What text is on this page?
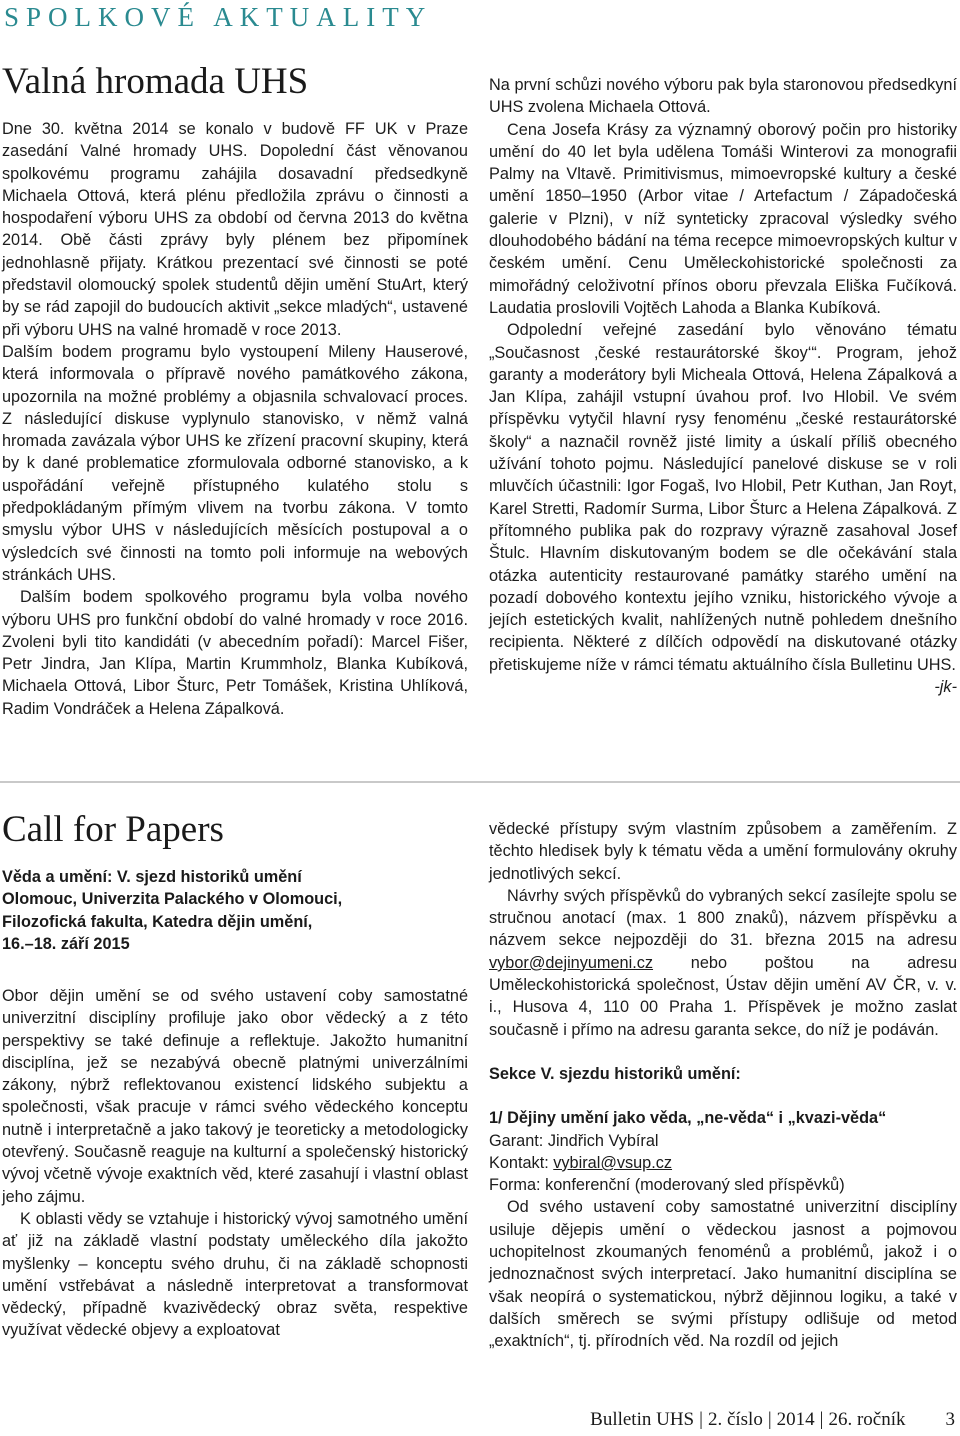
SPOLKOVÉ AKTUALITY
Valná hromada UHS

Dne 30. května 2014 se konalo v budově FF UK v Praze zasedání Valné hromady UHS. Dopolední část věnovanou spolkovému programu zahájila dosavadní předsedkyně Michaela Ottová, která plénu předložila zprávu o činnosti a hospodaření výboru UHS za období od června 2013 do května 2014. Obě části zprávy byly plénem bez připomínek jednohlasně přijaty. Krátkou prezentací své činnosti se poté představil olomoucký spolek studentů dějin umění StuArt, který by se rád zapojil do budoucích aktivit „sekce mladých“, ustavené při výboru UHS na valné hromadě v roce 2013.

Dalším bodem programu bylo vystoupení Mileny Hauserové, která informovala o přípravě nového památkového zákona, upozornila na možné problémy a objasnila schvalovací proces. Z následující diskuse vyplynulo stanovisko, v němž valná hromada zavázala výbor UHS ke zřízení pracovní skupiny, která by k dané problematice zformulovala odborné stanovisko, a k uspořádání veřejně přístupného kulatého stolu s předpokládaným přímým vlivem na tvorbu zákona. V tomto smyslu výbor UHS v následujících měsících postupoval a o výsledcích své činnosti na tomto poli informuje na webových stránkách UHS.

Dalším bodem spolkového programu byla volba nového výboru UHS pro funkční období do valné hromady v roce 2016. Zvoleni byli tito kandidáti (v abecedním pořadí): Marcel Fišer, Petr Jindra, Jan Klípa, Martin Krummholz, Blanka Kubíková, Michaela Ottová, Libor Šturc, Petr Tomášek, Kristina Uhlíková, Radim Vondráček a Helena Zápalková.

Na první schůzi nového výboru pak byla staronovou předsedkyní UHS zvolena Michaela Ottová.

Cena Josefa Krásy za významný oborový počin pro historiky umění do 40 let byla udělena Tomáši Winterovi za monografii Palmy na Vltavě. Primitivismus, mimoevropské kultury a české umění 1850–1950 (Arbor vitae / Artefactum / Západočeská galerie v Plzni), v níž synteticky zpracoval výsledky svého dlouhodobého bádání na téma recepce mimoevropských kultur v českém umění. Cenu Uměleckohistorické společnosti za mimořádný celoživotní přínos oboru převzala Eliška Fučíková. Laudatia proslovili Vojtěch Lahoda a Blanka Kubíková.

Odpolední veřejné zasedání bylo věnováno tématu „Současnost ‚české restaurátorské škoy‘“. Program, jehož garanty a moderátory byli Micheala Ottová, Helena Zápalková a Jan Klípa, zahájil vstupní úvahou prof. Ivo Hlobil. Ve svém příspěvku vytyčil hlavní rysy fenoménu „české restaurátorské školy“ a naznačil rovněž jisté limity a úskalí příliš obecného užívání tohoto pojmu. Následující panelové diskuse se v roli mluvčích účastnili: Igor Fogaš, Ivo Hlobil, Petr Kuthan, Jan Royt, Karel Stretti, Radomír Surma, Libor Šturc a Helena Zápalková. Z přítomného publika pak do rozpravy výrazně zasahoval Josef Štulc. Hlavním diskutovaným bodem se dle očekávání stala otázka autenticity restaurované památky starého umění na pozadí dobového kontextu jejího vzniku, historického vývoje a jejích estetických kvalit, nahlížených nutně pohledem dnešního recipienta. Některé z dílčích odpovědí na diskutované otázky přetiskujeme níže v rámci tématu aktuálního čísla Bulletinu UHS.
-jk-

Call for Papers
Věda a umění: V. sjezd historiků umění
Olomouc, Univerzita Palackého v Olomouci,
Filozofická fakulta, Katedra dějin umění,
16.–18. září 2015

Obor dějin umění se od svého ustavení coby samostatné univerzitní disciplíny profiluje jako obor vědecký a z této perspektivy se také definuje a reflektuje. Jakožto humanitní disciplína, jež se nezabývá obecně platnými univerzálními zákony, nýbrž reflektovanou existencí lidského subjektu a společnosti, však pracuje v rámci svého vědeckého konceptu nutně i interpretačně a jako takový je teoreticky a metodologicky otevřený. Současně reaguje na kulturní a společenský historický vývoj včetně vývoje exaktních věd, které zasahují i vlastní oblast jeho zájmu.

K oblasti vědy se vztahuje i historický vývoj samotného umění ať již na základě vlastní podstaty uměleckého díla jakožto myšlenky – konceptu svého druhu, či na základě schopnosti umění vstřebávat a následně interpretovat a transformovat vědecký, případně kvazivědecký obraz světa, respektive využívat vědecké objevy a exploatovat

vědecké přístupy svým vlastním způsobem a zaměřením. Z těchto hledisek byly k tématu věda a umění formulovány okruhy jednotlivých sekcí.

Návrhy svých příspěvků do vybraných sekcí zasílejte spolu se stručnou anotací (max. 1 800 znaků), názvem příspěvku a názvem sekce nejpozději do 31. března 2015 na adresu vybor@dejinyumeni.cz nebo poštou na adresu Uměleckohistorická společnost, Ústav dějin umění AV ČR, v. v. i., Husova 4, 110 00 Praha 1. Příspěvek je možno zaslat současně i přímo na adresu garanta sekce, do níž je podáván.

Sekce V. sjezdu historiků umění:

1/ Dějiny umění jako věda, „ne-věda“ i „kvazi-věda“

Garant: Jindřich Vybíral

Kontakt: vybiral@vsup.cz

Forma: konferenční (moderovaný sled příspěvků)

Od svého ustavení coby samostatné univerzitní disciplíny usiluje dějepis umění o vědeckou jasnost a pojmovou uchopitelnost zkoumaných fenoménů a problémů, jakož i o jednoznačnost svých interpretací. Jako humanitní disciplína se však neopírá o systematickou, nýbrž dějinnou logiku, a také v dalších směrech se svými přístupy odlišuje od metod „exaktních“, tj. přírodních věd. Na rozdíl od jejich

Bulletin UHS | 2. číslo | 2014 | 26. ročník 3
